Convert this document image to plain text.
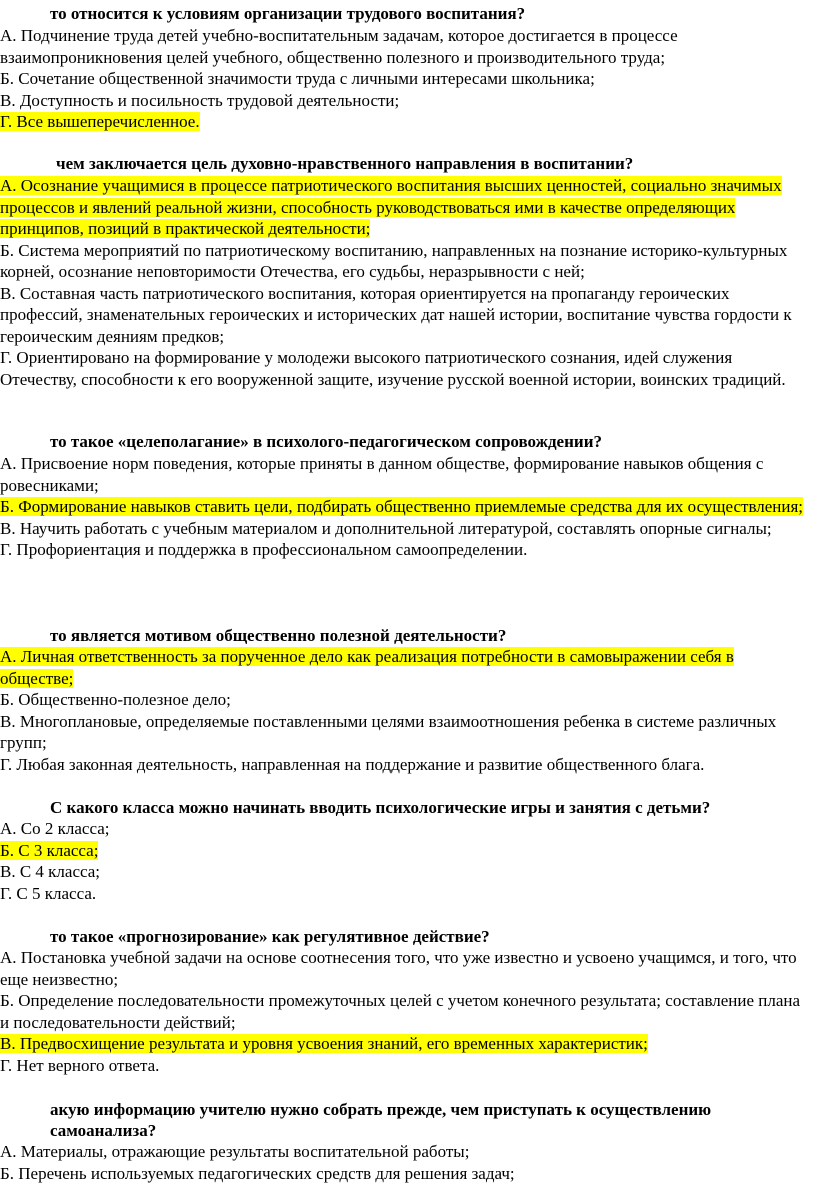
то относится к условиям организации трудового воспитания?

А. Подчинение труда детей учебно-воспитательным задачам, которое достигается в процессе взаимопроникновения целей учебного, общественно полезного и производительного труда;

Б. Сочетание общественной значимости труда с личными интересами школьника;

В. Доступность и посильность трудовой деятельности;

Г. Все вышеперечисленное.

чем заключается цель духовно-нравственного направления в воспитании?

А. Осознание учащимися в процессе патриотического воспитания высших ценностей, социально значимых процессов и явлений реальной жизни, способность руководствоваться ими в качестве определяющих принципов, позиций в практической деятельности;

Б. Система мероприятий по патриотическому воспитанию, направленных на познание историко-культурных корней, осознание неповторимости Отечества, его судьбы, неразрывности с ней;

В. Составная часть патриотического воспитания, которая ориентируется на пропаганду героических профессий, знаменательных героических и исторических дат нашей истории, воспитание чувства гордости к героическим деяниям предков;

Г. Ориентировано на формирование у молодежи высокого патриотического сознания, идей служения Отечеству, способности к его вооруженной защите, изучение русской военной истории, воинских традиций.

то такое «целеполагание» в психолого-педагогическом сопровождении?

А. Присвоение норм поведения, которые приняты в данном обществе, формирование навыков общения с ровесниками;

Б. Формирование навыков ставить цели, подбирать общественно приемлемые средства для их осуществления;

В. Научить работать с учебным материалом и дополнительной литературой, составлять опорные сигналы;

Г. Профориентация и поддержка в профессиональном самоопределении.

то является мотивом общественно полезной деятельности?

А. Личная ответственность за порученное дело как реализация потребности в самовыражении себя в обществе;

Б. Общественно-полезное дело;

В. Многоплановые, определяемые поставленными целями взаимоотношения ребенка в системе различных групп;

Г. Любая законная деятельность, направленная на поддержание и развитие общественного блага.

С какого класса можно начинать вводить психологические игры и занятия с детьми?

А. Со 2 класса;

Б. С 3 класса;

В. С 4 класса;

Г. С 5 класса.

то такое «прогнозирование» как регулятивное действие?

А. Постановка учебной задачи на основе соотнесения того, что уже известно и усвоено учащимся, и того, что еще неизвестно;

Б. Определение последовательности промежуточных целей с учетом конечного результата; составление плана и последовательности действий;

В. Предвосхищение результата и уровня усвоения знаний, его временных характеристик;

Г. Нет верного ответа.

акую информацию учителю нужно собрать прежде, чем приступать к осуществлению самоанализа?

А. Материалы, отражающие результаты воспитательной работы;

Б. Перечень используемых педагогических средств для решения задач;
